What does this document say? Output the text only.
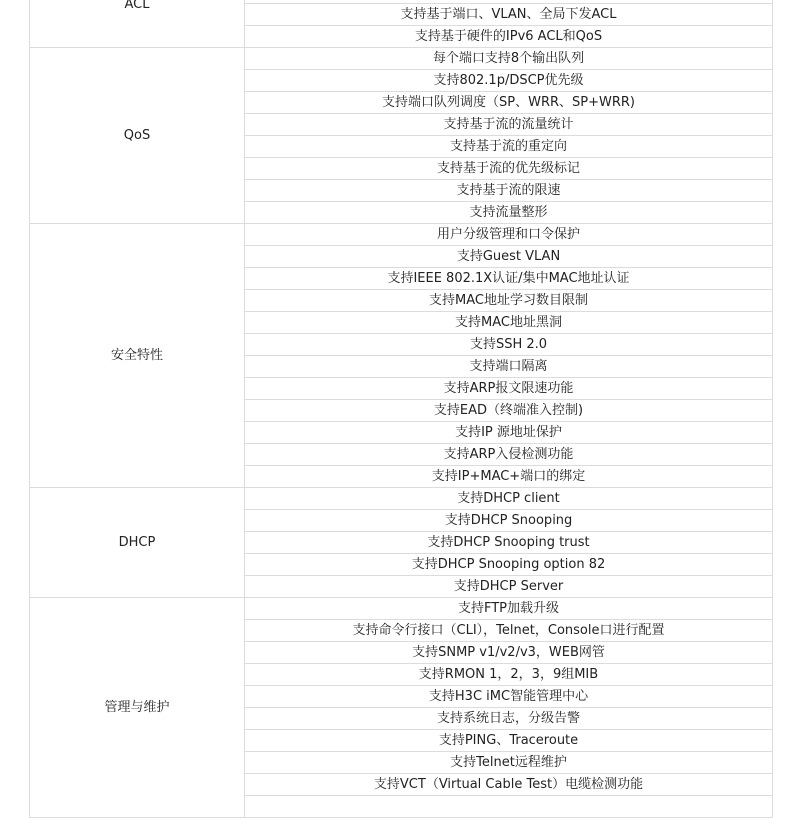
ACL	
	支持基于端口、VLAN、全局下发ACL
	支持基于硬件的IPv6 ACL和QoS
QoS	每个端口支持8个输出队列
	支持802.1p/DSCP优先级
	支持端口队列调度（SP、WRR、SP+WRR)
	支持基于流的流量统计
	支持基于流的重定向
	支持基于流的优先级标记
	支持基于流的限速
	支持流量整形
安全特性	用户分级管理和口令保护
	支持Guest VLAN
	支持IEEE 802.1X认证/集中MAC地址认证
	支持MAC地址学习数目限制
	支持MAC地址黑洞
	支持SSH 2.0
	支持端口隔离
	支持ARP报文限速功能
	支持EAD（终端准入控制)
	支持IP 源地址保护
	支持ARP入侵检测功能
	支持IP+MAC+端口的绑定
DHCP	支持DHCP client
	支持DHCP Snooping
	支持DHCP Snooping trust
	支持DHCP Snooping option 82
	支持DHCP Server
管理与维护	支持FTP加载升级
	支持命令行接口（CLI），Telnet，Console口进行配置
	支持SNMP v1/v2/v3，WEB网管
	支持RMON 1，2，3，9组MIB
	支持H3C iMC智能管理中心
	支持系统日志，分级告警
	支持PING、Traceroute
	支持Telnet远程维护
	支持VCT（Virtual Cable Test）电缆检测功能
